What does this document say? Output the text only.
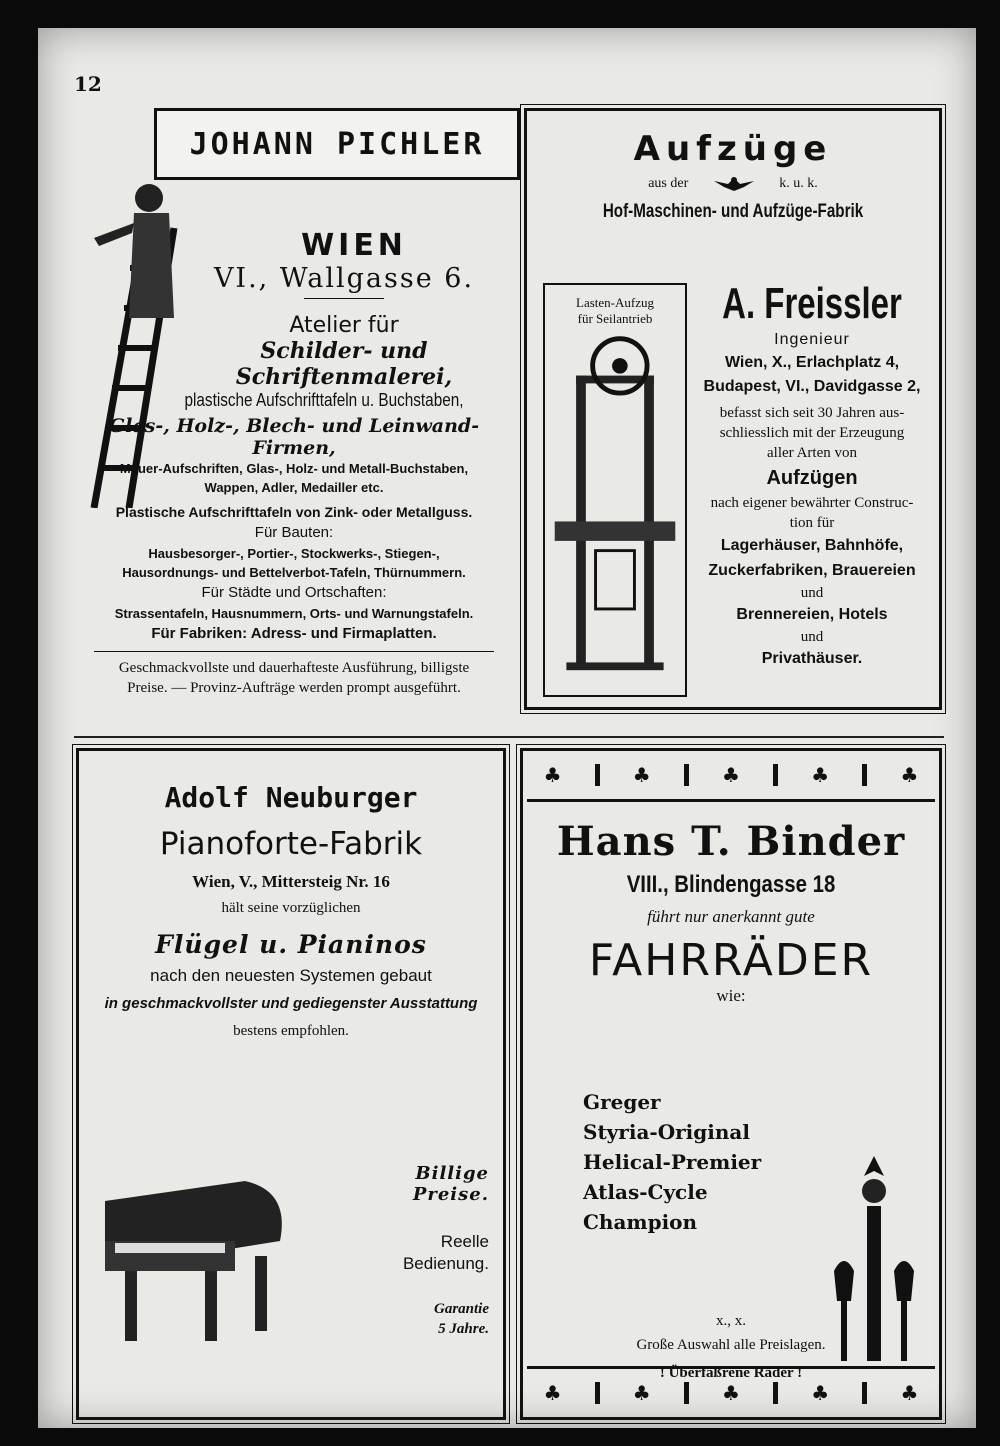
12
JOHANN PICHLER
WIEN
VI., Wallgasse 6.
Atelier für
Schilder- und Schriftenmalerei,
plastische Aufschrifttafeln u. Buchstaben,
Glas-, Holz-, Blech- und Leinwand-Firmen,
Mauer-Aufschriften, Glas-, Holz- und Metall-Buchstaben,
Wappen, Adler, Medailler etc.
Plastische Aufschrifttafeln von Zink- oder Metallguss.
Für Bauten:
Hausbesorger-, Portier-, Stockwerks-, Stiegen-,
Hausordnungs- und Bettelverbot-Tafeln, Thürnummern.
Für Städte und Ortschaften:
Strassentafeln, Hausnummern, Orts- und Warnungstafeln.
Für Fabriken: Adress- und Firmaplatten.
Geschmackvollste und dauerhafteste Ausführung, billigste
Preise. — Provinz-Aufträge werden prompt ausgeführt.
Aufzüge
aus der	k. u. k.
Hof-Maschinen- und Aufzüge-Fabrik
Lasten-Aufzug
für Seilantrieb	A. Freissler
Ingenieur
Wien, X., Erlachplatz 4,
Budapest, VI., Davidgasse 2,
befasst sich seit 30 Jahren aus-
schliesslich mit der Erzeugung
aller Arten von
Aufzügen
nach eigener bewährter Construc-
tion für
Lagerhäuser, Bahnhöfe,
Zuckerfabriken, Brauereien
und
Brennereien, Hotels
und
Privathäuser.
Adolf Neuburger
Pianoforte-Fabrik
Wien, V., Mittersteig Nr. 16
hält seine vorzüglichen
Flügel u. Pianinos
nach den neuesten Systemen gebaut
in geschmackvollster und gediegenster Ausstattung
bestens empfohlen.
Billige
Preise.
Reelle
Bedienung.
Garantie
5 Jahre.
♣	♣	♣	♣	♣
Hans T. Binder
VIII., Blindengasse 18
führt nur anerkannt gute
FAHRRÄDER
wie:
Greger
Styria-Original
Helical-Premier
Atlas-Cycle
Champion
x., x.
Große Auswahl alle Preislagen.
! Überfaßrene Räder !
♣	♣	♣	♣	♣
